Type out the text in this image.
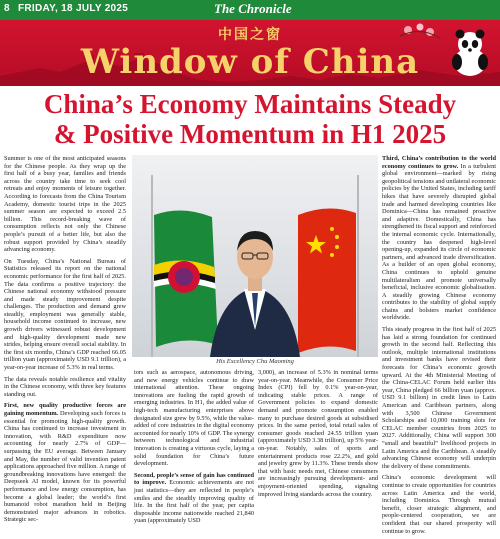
8 FRIDAY, 18 JULY 2025	The Chronicle
中国之窗
Window of China
China’s Economy Maintains Steady
& Positive Momentum in H1 2025

Summer is one of the most anticipated seasons for the Chinese people. As they wrap up the first half of a busy year, families and friends across the country take time to seek cool retreats and enjoy moments of leisure together. According to forecasts from the China Tourism Academy, domestic tourist trips in the 2025 summer season are expected to exceed 2.5 billion. This record-breaking wave of consumption reflects not only the Chinese people’s pursuit of a better life, but also the robust support provided by China’s steadily advancing economy.

On Tuesday, China’s National Bureau of Statistics released its report on the national economic performance for the first half of 2025. The data confirms a positive trajectory: the Chinese national economy withstood pressure and made steady improvement despite challenges. The production and demand grew steadily, employment was generally stable, household income continued to increase, new growth drivers witnessed robust development and high-quality development made new strides, helping ensure overall social stability. In the first six months, China’s GDP reached 66.05 trillion yuan (approximately USD 9.1 trillion), a year-on-year increase of 5.3% in real terms.

The data reveals notable resilience and vitality in the Chinese economy, with three key features standing out.

First, new quality productive forces are gaining momentum. Developing such forces is essential for promoting high-quality growth. China has continued to increase investment in innovation, with R&D expenditure now accounting for nearly 2.7% of GDP—surpassing the EU average. Between January and May, the number of valid invention patent applications approached five million. A range of groundbreaking innovations have emerged: the Deepseek AI model, known for its powerful performance and low energy consumption, has become a global leader; the world’s first humanoid robot marathon held in Beijing demonstrated major advances in robotics. Strategic sec-

His Excellency Chu Maoming

tors such as aerospace, autonomous driving, and new energy vehicles continue to draw international attention. These ongoing innovations are fueling the rapid growth of emerging industries. In H1, the added value of high-tech manufacturing enterprises above designated size grew by 9.5%, while the value-added of core industries in the digital economy accounted for nearly 10% of GDP. The synergy between technological and industrial innovation is creating a virtuous cycle, laying a solid foundation for China’s future development.

Second, people’s sense of gain has continued to improve. Economic achievements are not just statistics—they are reflected in people’s smiles and the steadily improving quality of life. In the first half of the year, per capita disposable income nationwide reached 21,840 yuan (approximately USD

3,000), an increase of 5.3% in nominal terms year-on-year. Meanwhile, the Consumer Price Index (CPI) fell by 0.1% year-on-year, indicating stable prices. A range of Government policies to expand domestic demand and promote consumption enabled many to purchase desired goods at subsidised prices. In the same period, total retail sales of consumer goods reached 24.55 trillion yuan (approximately USD 3.38 trillion), up 5% year-on-year. Notably, sales of sports and entertainment products rose 22.2%, and gold and jewelry grew by 11.3%. These trends show that with basic needs met, Chinese consumers are increasingly pursuing development- and enjoyment-oriented spending, signaling improved living standards across the country.

Third, China’s contribution to the world economy continues to grow. In a turbulent global environment—marked by rising geopolitical tensions and unilateral economic policies by the United States, including tariff hikes that have severely disrupted global trade and harmed developing countries like Dominica—China has remained proactive and adaptive. Domestically, China has strengthened its fiscal support and reinforced the internal economic cycle. Internationally, the country has deepened high-level opening-up, expanded its circle of economic partners, and advanced trade diversification. As a builder of an open global economy, China continues to uphold genuine multilateralism and promote universally beneficial, inclusive economic globalisation. A steadily growing Chinese economy contributes to the stability of global supply chains and bolsters market confidence worldwide.

This steady progress in the first half of 2025 has laid a strong foundation for continued growth in the second half. Reflecting this outlook, multiple international institutions and investment banks have revised their forecasts for China’s economic growth upward. At the 4th Ministerial Meeting of the China-CELAC Forum held earlier this year, China pledged 66 billion yuan (approx. USD 9.1 billion) in credit lines to Latin American and Caribbean partners, along with 3,500 Chinese Government Scholarships and 10,000 training slots for CELAC member countries from 2025 to 2027. Additionally, China will support 300 “small and beautiful” livelihood projects in Latin America and the Caribbean. A steadily advancing Chinese economy will underpin the delivery of these commitments.

China’s economic development will continue to create opportunities for countries across Latin America and the world, including Dominica. Through mutual benefit, closer strategic alignment, and people-centered cooperation, we are confident that our shared prosperity will continue to grow.
